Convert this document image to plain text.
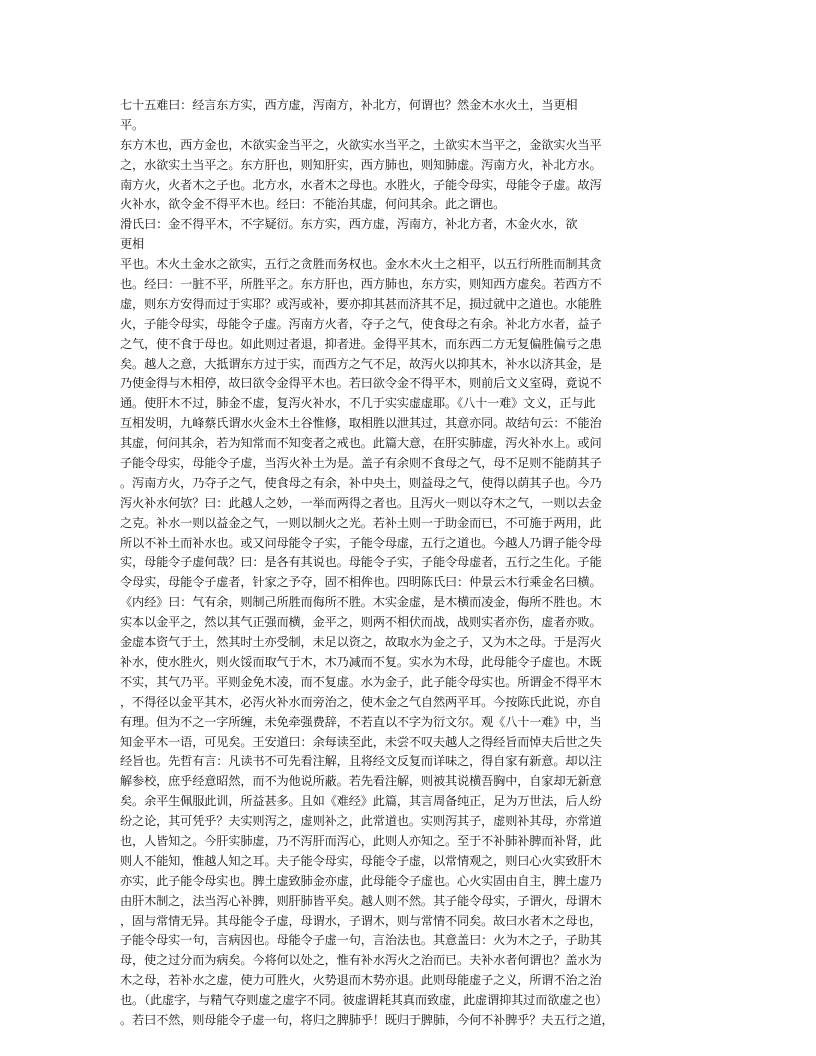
七十五难曰：经言东方实，西方虚，泻南方，补北方，何谓也？然金木水火土，当更相
平。
东方木也，西方金也，木欲实金当平之，火欲实水当平之，土欲实木当平之，金欲实火当平
之，水欲实土当平之。东方肝也，则知肝实，西方肺也，则知肺虚。泻南方火，补北方水。
南方火，火者木之子也。北方水，水者木之母也。水胜火，子能令母实，母能令子虚。故泻
火补水，欲令金不得平木也。经曰：不能治其虚，何问其余。此之谓也。
滑氏曰：金不得平木，不字疑衍。东方实，西方虚，泻南方，补北方者，木金火水，欲
更相
平也。木火土金水之欲实，五行之贪胜而务权也。金水木火土之相平，以五行所胜而制其贪
也。经曰：一脏不平，所胜平之。东方肝也，西方肺也，东方实，则知西方虚矣。若西方不
虚，则东方安得而过于实耶？或泻或补，要亦抑其甚而济其不足，损过就中之道也。水能胜
火，子能令母实，母能令子虚。泻南方火者，夺子之气，使食母之有余。补北方水者，益子
之气，使不食于母也。如此则过者退，抑者进。金得平其木，而东西二方无复偏胜偏亏之患
矣。越人之意，大抵谓东方过于实，而西方之气不足，故泻火以抑其木，补水以济其金，是
乃使金得与木相停，故曰欲令金得平木也。若曰欲令金不得平木，则前后文义室碍，竟说不
通。使肝木不过，肺金不虚，复泻火补水，不几于实实虚虚耶。《八十一难》文义，正与此
互相发明，九峰蔡氏谓水火金木土谷惟修，取相胜以泄其过，其意亦同。故结句云：不能治
其虚，何问其余，若为知常而不知变者之戒也。此篇大意，在肝实肺虚，泻火补水上。或问
子能令母实，母能令子虚，当泻火补土为是。盖子有余则不食母之气，母不足则不能荫其子
。泻南方火，乃夺子之气，使食母之有余，补中央土，则益母之气，使得以荫其子也。今乃
泻火补水何欤？曰：此越人之妙，一举而两得之者也。且泻火一则以夺木之气，一则以去金
之克。补水一则以益金之气，一则以制火之光。若补土则一于助金而已，不可施于两用，此
所以不补土而补水也。或又问母能令子实，子能令母虚，五行之道也。今越人乃谓子能令母
实，母能令子虚何哉？曰：是各有其说也。母能令子实，子能令母虚者，五行之生化。子能
令母实，母能令子虚者，针家之予夺，固不相侔也。四明陈氏曰：仲景云木行乘金名曰横。
《内经》曰：气有余，则制己所胜而侮所不胜。木实金虚，是木横而凌金，侮所不胜也。木
实本以金平之，然以其气正强而横，金平之，则两不相伏而战，战则实者亦伤，虚者亦败。
金虚本资气于土，然其时土亦受制，未足以资之，故取水为金之子，又为木之母。于是泻火
补水，使水胜火，则火馁而取气于木，木乃减而不复。实水为木母，此母能令子虚也。木既
不实，其气乃平。平则金免木凌，而不复虚。水为金子，此子能令母实也。所谓金不得平木
，不得径以金平其木，必泻火补水而旁治之，使木金之气自然两平耳。今按陈氏此说，亦自
有理。但为不之一字所缠，未免牵强费辞，不若直以不字为衍文尔。观《八十一难》中，当
知金平木一语，可见矣。王安道曰：余每读至此，未尝不叹夫越人之得经旨而悼夫后世之失
经旨也。先哲有言：凡读书不可先看注解，且将经文反复而详味之，得自家有新意。却以注
解参校，庶乎经意昭然，而不为他说所蔽。若先看注解，则被其说横吾胸中，自家却无新意
矣。余平生佩服此训，所益甚多。且如《难经》此篇，其言周备纯正，足为万世法，后人纷
纷之论，其可凭乎？夫实则泻之，虚则补之，此常道也。实则泻其子，虚则补其母，亦常道
也，人皆知之。今肝实肺虚，乃不泻肝而泻心，此则人亦知之。至于不补肺补脾而补肾，此
则人不能知，惟越人知之耳。夫子能令母实，母能令子虚，以常情观之，则曰心火实致肝木
亦实，此子能令母实也。脾土虚致肺金亦虚，此母能令子虚也。心火实固由自主，脾土虚乃
由肝木制之，法当泻心补脾，则肝肺皆平矣。越人则不然。其子能令母实，子谓火，母谓木
，固与常情无异。其母能令子虚，母谓水，子谓木，则与常情不同矣。故曰水者木之母也，
子能令母实一句，言病因也。母能令子虚一句，言治法也。其意盖曰：火为木之子，子助其
母，使之过分而为病矣。今将何以处之，惟有补水泻火之治而已。夫补水者何谓也？盖水为
木之母，若补水之虚，使力可胜火，火势退而木势亦退。此则母能虚子之义，所谓不治之治
也。（此虚字，与精气夺则虚之虚字不同。彼虚谓耗其真而致虚，此虚谓抑其过而欲虚之也）
。若曰不然，则母能令子虚一句，将归之脾肺乎！既归于脾肺，今何不补脾乎？夫五行之道，
